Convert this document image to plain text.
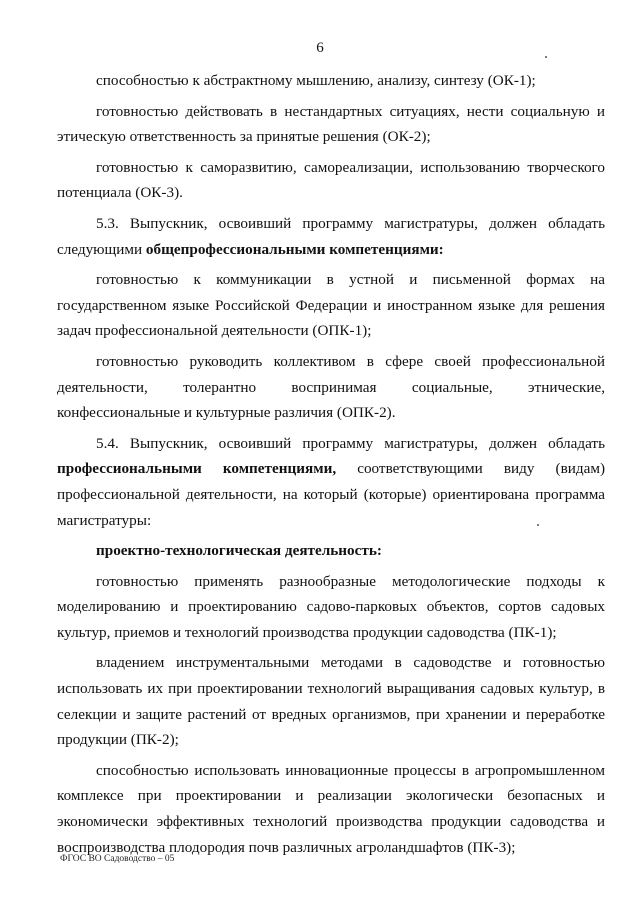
6

способностью к абстрактному мышлению, анализу, синтезу (ОК-1);

готовностью действовать в нестандартных ситуациях, нести социальную и этическую ответственность за принятые решения (ОК-2);

готовностью к саморазвитию, самореализации, использованию творческого потенциала (ОК-3).

5.3. Выпускник, освоивший программу магистратуры, должен обладать следующими общепрофессиональными компетенциями:

готовностью к коммуникации в устной и письменной формах на государственном языке Российской Федерации и иностранном языке для решения задач профессиональной деятельности (ОПК-1);

готовностью руководить коллективом в сфере своей профессиональной деятельности, толерантно воспринимая социальные, этнические, конфессиональные и культурные различия (ОПК-2).

5.4. Выпускник, освоивший программу магистратуры, должен обладать профессиональными компетенциями, соответствующими виду (видам) профессиональной деятельности, на который (которые) ориентирована программа магистратуры:

проектно-технологическая деятельность:

готовностью применять разнообразные методологические подходы к моделированию и проектированию садово-парковых объектов, сортов садовых культур, приемов и технологий производства продукции садоводства (ПК-1);

владением инструментальными методами в садоводстве и готовностью использовать их при проектировании технологий выращивания садовых культур, в селекции и защите растений от вредных организмов, при хранении и переработке продукции (ПК-2);

способностью использовать инновационные процессы в агропромышленном комплексе при проектировании и реализации экологически безопасных и экономически эффективных технологий производства продукции садоводства и воспроизводства плодородия почв различных агроландшафтов (ПК-3);

ФГОС ВО Садоводство – 05
